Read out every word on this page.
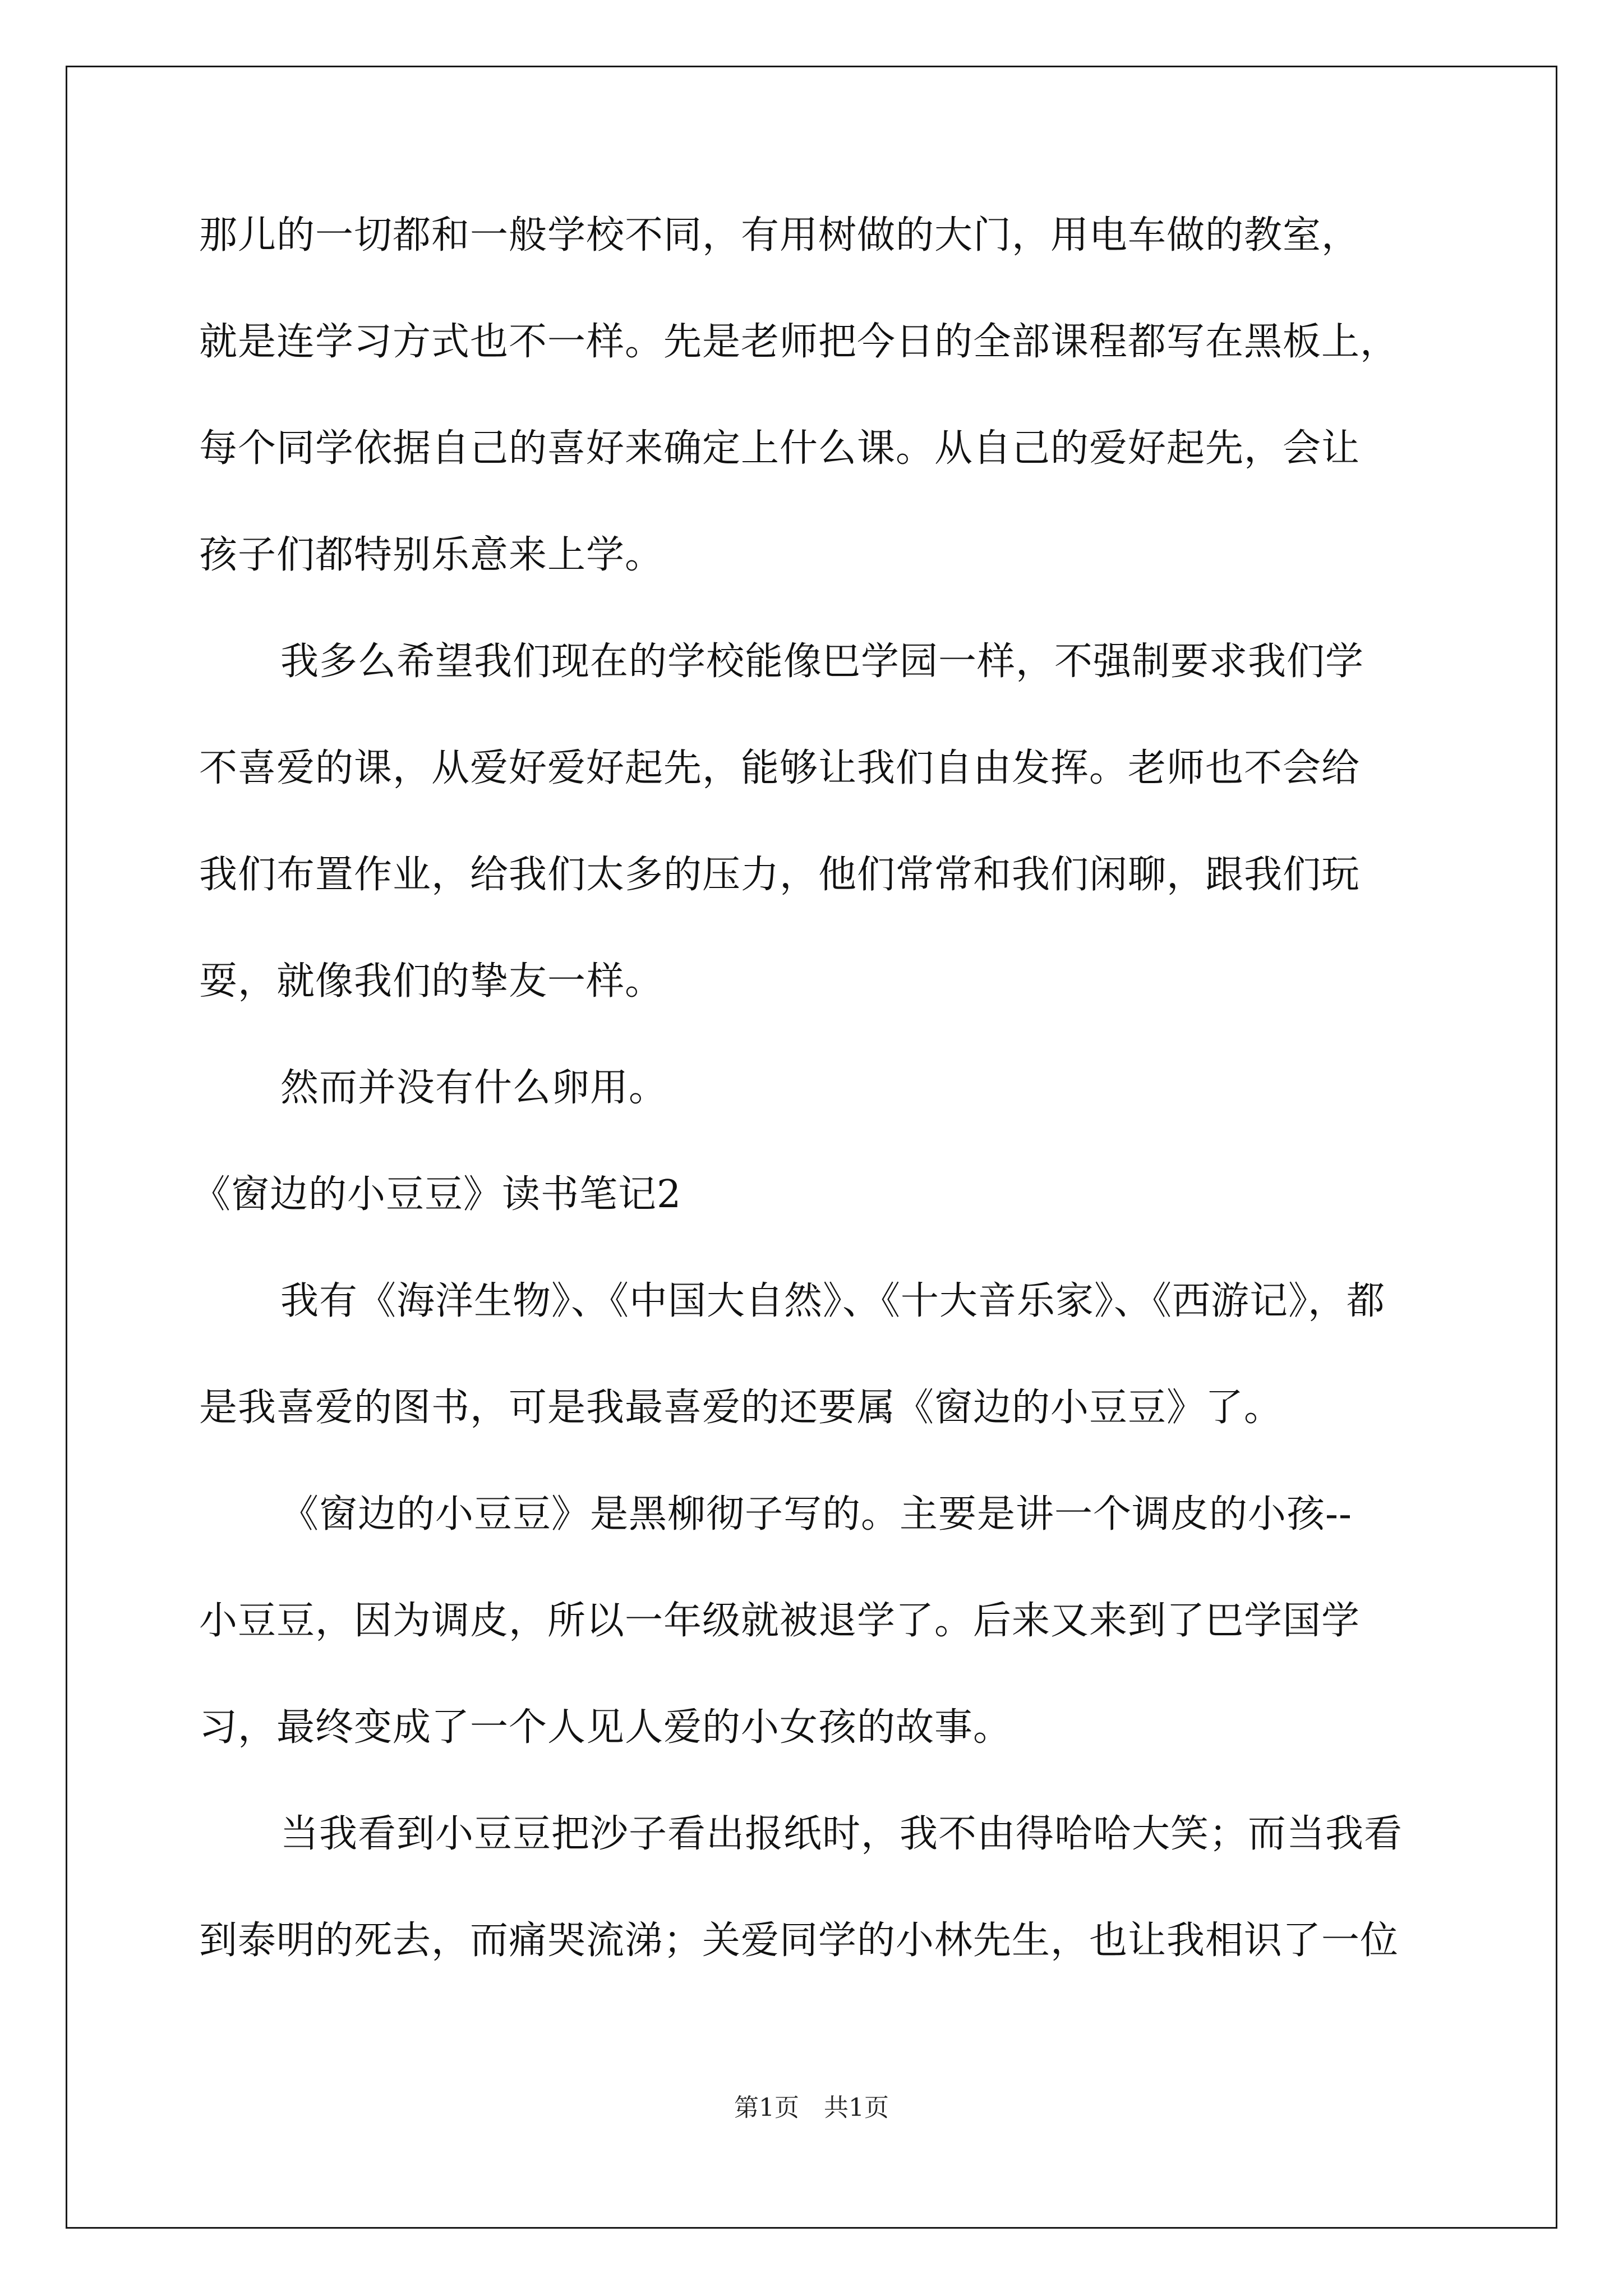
那儿的一切都和一般学校不同，有用树做的大门，用电车做的教室，
就是连学习方式也不一样。先是老师把今日的全部课程都写在黑板上，
每个同学依据自己的喜好来确定上什么课。从自己的爱好起先，会让
孩子们都特别乐意来上学。
我多么希望我们现在的学校能像巴学园一样，不强制要求我们学
不喜爱的课，从爱好爱好起先，能够让我们自由发挥。老师也不会给
我们布置作业，给我们太多的压力，他们常常和我们闲聊，跟我们玩
耍，就像我们的挚友一样。
然而并没有什么卵用。
《窗边的小豆豆》读书笔记2
我有《海洋生物》、《中国大自然》、《十大音乐家》、《西游记》，都
是我喜爱的图书，可是我最喜爱的还要属《窗边的小豆豆》了。
《窗边的小豆豆》是黑柳彻子写的。主要是讲一个调皮的小孩--
小豆豆，因为调皮，所以一年级就被退学了。后来又来到了巴学国学
习，最终变成了一个人见人爱的小女孩的故事。
当我看到小豆豆把沙子看出报纸时，我不由得哈哈大笑；而当我看
到泰明的死去，而痛哭流涕；关爱同学的小林先生，也让我相识了一位
第1页　共1页
